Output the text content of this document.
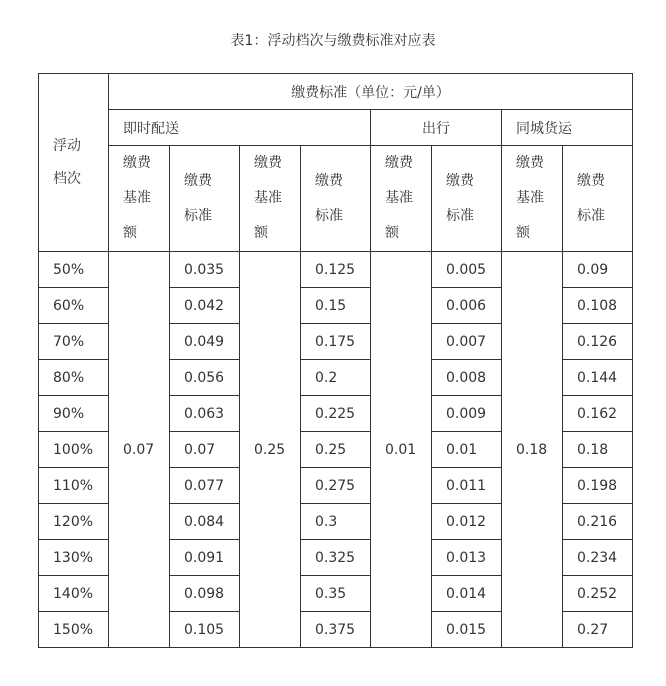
表1：浮动档次与缴费标准对应表
浮动
档次	缴费标准（单位：元/单）							
	即时配送				出行		同城货运	

	缴费
基准
额	缴费
标准	缴费
基准
额	缴费
标准	缴费
基准
额	缴费
标准	缴费
基准
额	缴费
标准

50%	0.07	0.035	0.25	0.125	0.01	0.005	0.18	0.09
60%		0.042		0.15		0.006		0.108
70%		0.049		0.175		0.007		0.126
80%		0.056		0.2		0.008		0.144
90%		0.063		0.225		0.009		0.162
100%		0.07		0.25		0.01		0.18
110%		0.077		0.275		0.011		0.198
120%		0.084		0.3		0.012		0.216
130%		0.091		0.325		0.013		0.234
140%		0.098		0.35		0.014		0.252
150%		0.105		0.375		0.015		0.27
